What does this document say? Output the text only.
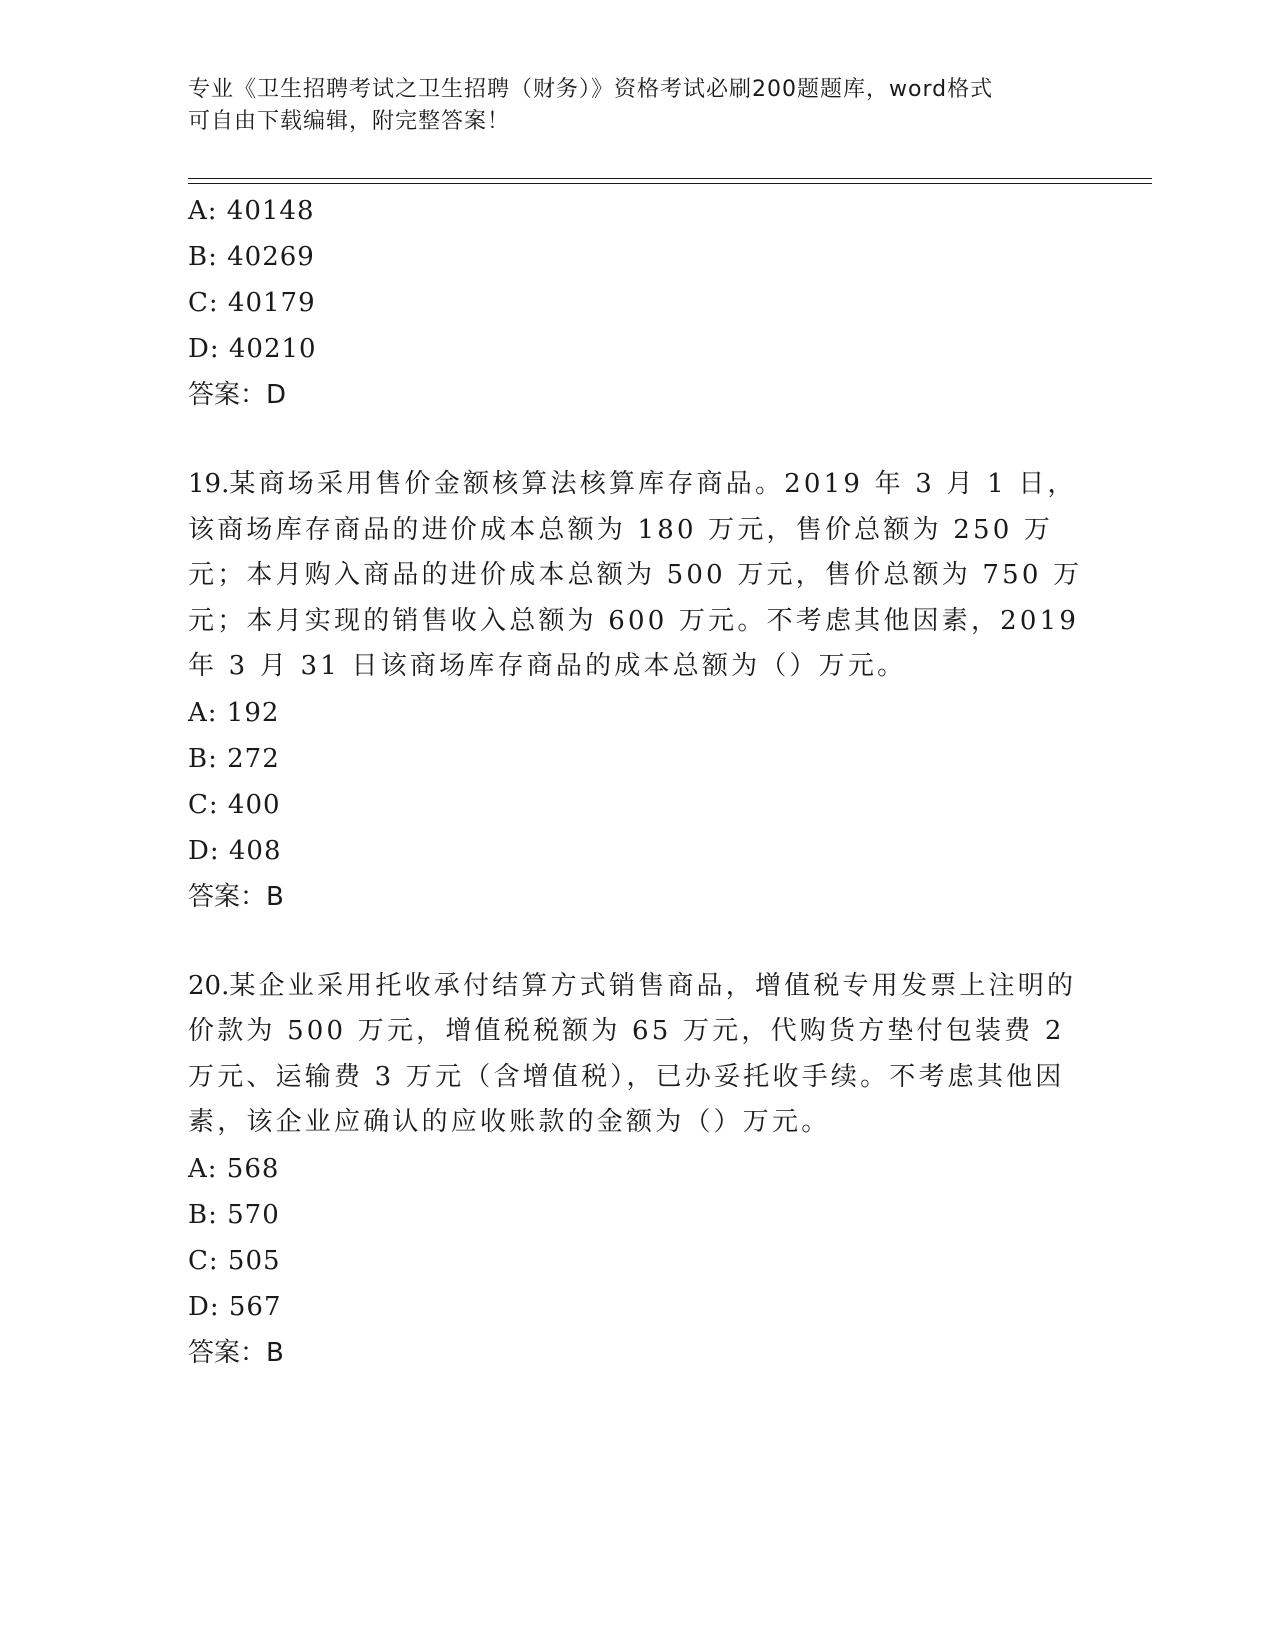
专业《卫生招聘考试之卫生招聘（财务）》资格考试必刷200题题库，word格式
可自由下载编辑，附完整答案！
A: 40148
B: 40269
C: 40179
D: 40210
答案：D
19.某商场采用售价金额核算法核算库存商品。2019 年 3 月 1 日，该商场库存商品的进价成本总额为 180 万元，售价总额为 250 万元；本月购入商品的进价成本总额为 500 万元，售价总额为 750 万元；本月实现的销售收入总额为 600 万元。不考虑其他因素，2019 年 3 月 31 日该商场库存商品的成本总额为（）万元。
A: 192
B: 272
C: 400
D: 408
答案：B
20.某企业采用托收承付结算方式销售商品，增值税专用发票上注明的价款为 500 万元，增值税税额为 65 万元，代购货方垫付包装费 2 万元、运输费 3 万元（含增值税），已办妥托收手续。不考虑其他因素，该企业应确认的应收账款的金额为（）万元。
A: 568
B: 570
C: 505
D: 567
答案：B
